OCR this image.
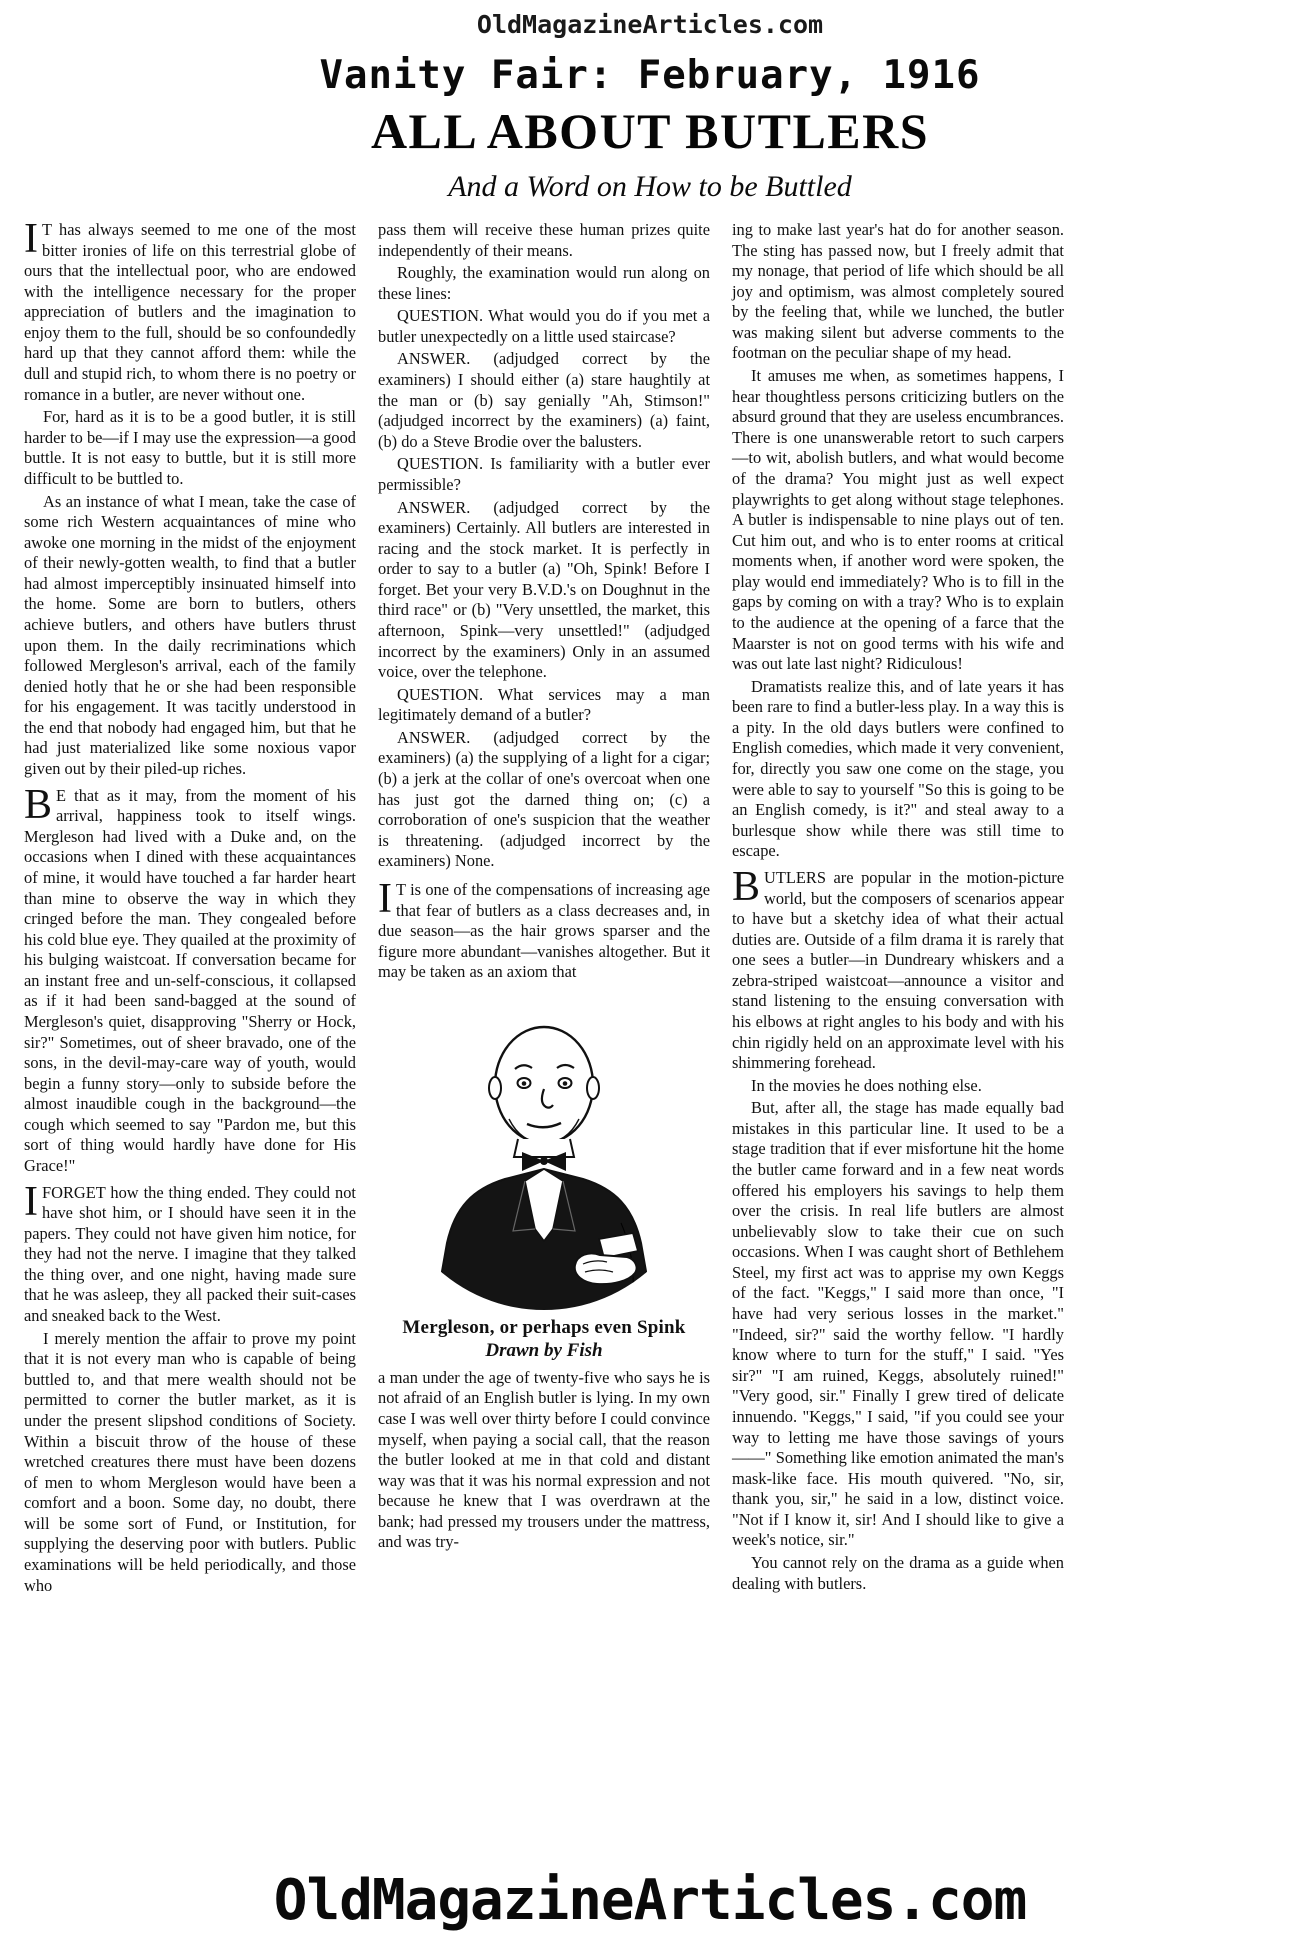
OldMagazineArticles.com
Vanity Fair: February, 1916
ALL ABOUT BUTLERS
And a Word on How to be Buttled

I T has always seemed to me one of the most bitter ironies of life on this terrestrial globe of ours that the intellectual poor, who are endowed with the intelligence necessary for the proper appreciation of butlers and the imagination to enjoy them to the full, should be so confoundedly hard up that they cannot afford them: while the dull and stupid rich, to whom there is no poetry or romance in a butler, are never without one.

For, hard as it is to be a good butler, it is still harder to be—if I may use the expression—a good buttle. It is not easy to buttle, but it is still more difficult to be buttled to.

As an instance of what I mean, take the case of some rich Western acquaintances of mine who awoke one morning in the midst of the enjoyment of their newly-gotten wealth, to find that a butler had almost imperceptibly insinuated himself into the home. Some are born to butlers, others achieve butlers, and others have butlers thrust upon them. In the daily recriminations which followed Mergleson's arrival, each of the family denied hotly that he or she had been responsible for his engagement. It was tacitly understood in the end that nobody had engaged him, but that he had just materialized like some noxious vapor given out by their piled-up riches.

B E that as it may, from the moment of his arrival, happiness took to itself wings. Mergleson had lived with a Duke and, on the occasions when I dined with these acquaintances of mine, it would have touched a far harder heart than mine to observe the way in which they cringed before the man. They congealed before his cold blue eye. They quailed at the proximity of his bulging waistcoat. If conversation became for an instant free and un-self-conscious, it collapsed as if it had been sand-bagged at the sound of Mergleson's quiet, disapproving "Sherry or Hock, sir?" Sometimes, out of sheer bravado, one of the sons, in the devil-may-care way of youth, would begin a funny story—only to subside before the almost inaudible cough in the background—the cough which seemed to say "Pardon me, but this sort of thing would hardly have done for His Grace!"

IFORGET how the thing ended. They could not have shot him, or I should have seen it in the papers. They could not have given him notice, for they had not the nerve. I imagine that they talked the thing over, and one night, having made sure that he was asleep, they all packed their suit-cases and sneaked back to the West.

I merely mention the affair to prove my point that it is not every man who is capable of being buttled to, and that mere wealth should not be permitted to corner the butler market, as it is under the present slipshod conditions of Society. Within a biscuit throw of the house of these wretched creatures there must have been dozens of men to whom Mergleson would have been a comfort and a boon. Some day, no doubt, there will be some sort of Fund, or Institution, for supplying the deserving poor with butlers. Public examinations will be held periodically, and those who

pass them will receive these human prizes quite independently of their means.

Roughly, the examination would run along on these lines:

QUESTION. What would you do if you met a butler unexpectedly on a little used staircase?

ANSWER. (adjudged correct by the examiners) I should either (a) stare haughtily at the man or (b) say genially "Ah, Stimson!" (adjudged incorrect by the examiners) (a) faint, (b) do a Steve Brodie over the balusters.

QUESTION. Is familiarity with a butler ever permissible?

ANSWER. (adjudged correct by the examiners) Certainly. All butlers are interested in racing and the stock market. It is perfectly in order to say to a butler (a) "Oh, Spink! Before I forget. Bet your very B.V.D.'s on Doughnut in the third race" or (b) "Very unsettled, the market, this afternoon, Spink—very unsettled!" (adjudged incorrect by the examiners) Only in an assumed voice, over the telephone.

QUESTION. What services may a man legitimately demand of a butler?

ANSWER. (adjudged correct by the examiners) (a) the supplying of a light for a cigar; (b) a jerk at the collar of one's overcoat when one has just got the darned thing on; (c) a corroboration of one's suspicion that the weather is threatening. (adjudged incorrect by the examiners) None.

I T is one of the compensations of increasing age that fear of butlers as a class decreases and, in due season—as the hair grows sparser and the figure more abundant—vanishes altogether. But it may be taken as an axiom that

Mergleson, or perhaps even Spink
Drawn by Fish

a man under the age of twenty-five who says he is not afraid of an English butler is lying. In my own case I was well over thirty before I could convince myself, when paying a social call, that the reason the butler looked at me in that cold and distant way was that it was his normal expression and not because he knew that I was overdrawn at the bank; had pressed my trousers under the mattress, and was try-

ing to make last year's hat do for another season. The sting has passed now, but I freely admit that my nonage, that period of life which should be all joy and optimism, was almost completely soured by the feeling that, while we lunched, the butler was making silent but adverse comments to the footman on the peculiar shape of my head.

It amuses me when, as sometimes happens, I hear thoughtless persons criticizing butlers on the absurd ground that they are useless encumbrances. There is one unanswerable retort to such carpers—to wit, abolish butlers, and what would become of the drama? You might just as well expect playwrights to get along without stage telephones. A butler is indispensable to nine plays out of ten. Cut him out, and who is to enter rooms at critical moments when, if another word were spoken, the play would end immediately? Who is to fill in the gaps by coming on with a tray? Who is to explain to the audience at the opening of a farce that the Maarster is not on good terms with his wife and was out late last night? Ridiculous!

Dramatists realize this, and of late years it has been rare to find a butler-less play. In a way this is a pity. In the old days butlers were confined to English comedies, which made it very convenient, for, directly you saw one come on the stage, you were able to say to yourself "So this is going to be an English comedy, is it?" and steal away to a burlesque show while there was still time to escape.

BUTLERS are popular in the motion-picture world, but the composers of scenarios appear to have but a sketchy idea of what their actual duties are. Outside of a film drama it is rarely that one sees a butler—in Dundreary whiskers and a zebra-striped waistcoat—announce a visitor and stand listening to the ensuing conversation with his elbows at right angles to his body and with his chin rigidly held on an approximate level with his shimmering forehead.

In the movies he does nothing else.

But, after all, the stage has made equally bad mistakes in this particular line. It used to be a stage tradition that if ever misfortune hit the home the butler came forward and in a few neat words offered his employers his savings to help them over the crisis. In real life butlers are almost unbelievably slow to take their cue on such occasions. When I was caught short of Bethlehem Steel, my first act was to apprise my own Keggs of the fact. "Keggs," I said more than once, "I have had very serious losses in the market." "Indeed, sir?" said the worthy fellow. "I hardly know where to turn for the stuff," I said. "Yes sir?" "I am ruined, Keggs, absolutely ruined!" "Very good, sir." Finally I grew tired of delicate innuendo. "Keggs," I said, "if you could see your way to letting me have those savings of yours——" Something like emotion animated the man's mask-like face. His mouth quivered. "No, sir, thank you, sir," he said in a low, distinct voice. "Not if I know it, sir! And I should like to give a week's notice, sir."

You cannot rely on the drama as a guide when dealing with butlers.

OldMagazineArticles.com
